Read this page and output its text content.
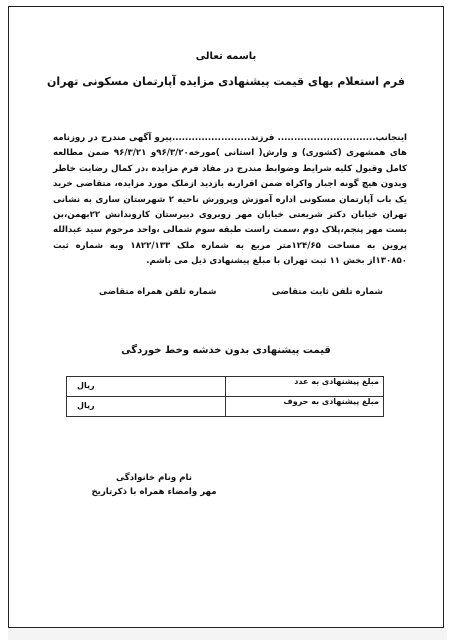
باسمه تعالی
فرم استعلام بهای قیمت پیشنهادی مزایده آپارتمان مسکونی تهران
اینجانب.............................. فرزند........................پیرو آگهی مندرج در روزنامه های همشهری (کشوری) و وارش( استانی )مورخه۹۶/۳/۲۰و ۹۶/۳/۲۱ ضمن مطالعه کامل وقبول کلیه شرایط وضوابط مندرج در مفاد فرم مزایده ،در کمال رضایت خاطر وبدون هیچ گونه اجبار واکراه ضمن اقراربه بازدید ازملک مورد مزایده، متقاضی خرید یک باب آپارتمان مسکونی اداره آموزش وپرورش ناحیه ۲ شهرستان ساری به نشانی تهران خیابان دکتر شریعتی خیابان مهر روبروی دبیرستان کاروندانش ۲۲بهمن،بن بست مهر پنجم،پلاک دوم ،سمت راست طبقه سوم شمالی ،واحد مرحوم سید عبدالله پروین به مساحت ۱۲۴/۶۵متر مربع به شماره ملک ۱۸۲۲/۱۳۳ وبه شماره ثبت ۱۳۰۸۵۰از بخش ۱۱ ثبت تهران با مبلغ پیشنهادی ذیل می باشم.
شماره تلفن ثابت متقاضی
شماره تلفن همراه متقاضی
قیمت پیشنهادی بدون خدشه وخط خوردگی
ریال	مبلغ پیشنهادی به عدد

ریال	مبلغ پیشنهادی به حروف
نام ونام خانوادگی
مهر وامضاء همراه با ذکرتاریخ
